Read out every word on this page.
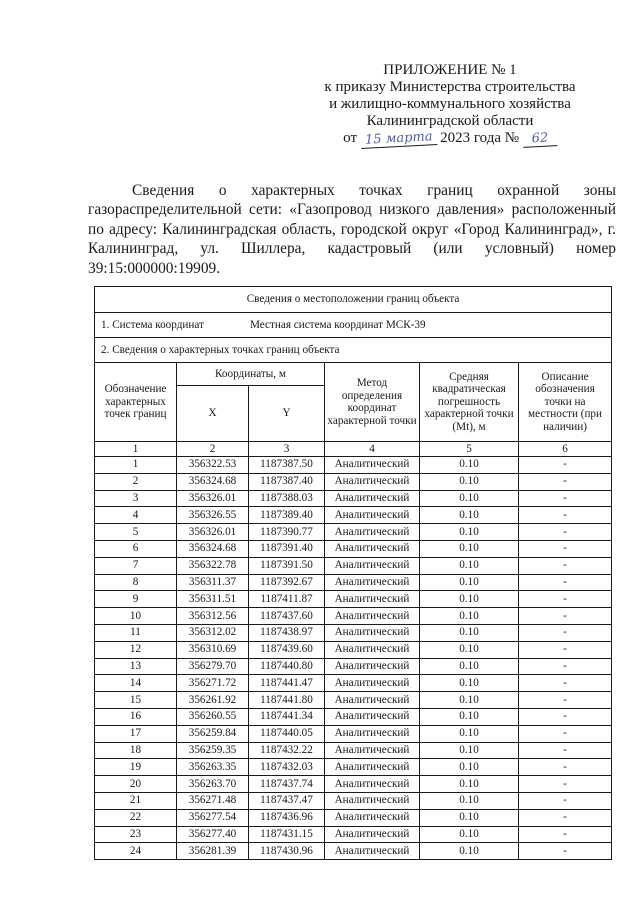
ПРИЛОЖЕНИЕ № 1
к приказу Министерства строительства
и жилищно-коммунального хозяйства
Калининградской области
от 15 марта 2023 года № 62
Сведения о характерных точках границ охранной зоны газораспределительной сети: «Газопровод низкого давления» расположенный по адресу: Калининградская область, городской округ «Город Калининград», г. Калининград, ул. Шиллера, кадастровый (или условный) номер 39:15:000000:19909.
Сведения о местоположении границ объекта					
1. Система координат Местная система координат МСК-39					
2. Сведения о характерных точках границ объекта					
Обозначение характерных точек границ	Координаты, м		Метод определения координат характерной точки	Средняя квадратическая погрешность характерной точки (Mt), м	Описание обозначения точки на местности (при наличии)
	X	Y			
1	2	3	4	5	6
1	356322.53	1187387.50	Аналитический	0.10	-
2	356324.68	1187387.40	Аналитический	0.10	-
3	356326.01	1187388.03	Аналитический	0.10	-
4	356326.55	1187389.40	Аналитический	0.10	-
5	356326.01	1187390.77	Аналитический	0.10	-
6	356324.68	1187391.40	Аналитический	0.10	-
7	356322.78	1187391.50	Аналитический	0.10	-
8	356311.37	1187392.67	Аналитический	0.10	-
9	356311.51	1187411.87	Аналитический	0.10	-
10	356312.56	1187437.60	Аналитический	0.10	-
11	356312.02	1187438.97	Аналитический	0.10	-
12	356310.69	1187439.60	Аналитический	0.10	-
13	356279.70	1187440.80	Аналитический	0.10	-
14	356271.72	1187441.47	Аналитический	0.10	-
15	356261.92	1187441.80	Аналитический	0.10	-
16	356260.55	1187441.34	Аналитический	0.10	-
17	356259.84	1187440.05	Аналитический	0.10	-
18	356259.35	1187432.22	Аналитический	0.10	-
19	356263.35	1187432.03	Аналитический	0.10	-
20	356263.70	1187437.74	Аналитический	0.10	-
21	356271.48	1187437.47	Аналитический	0.10	-
22	356277.54	1187436.96	Аналитический	0.10	-
23	356277.40	1187431.15	Аналитический	0.10	-
24	356281.39	1187430.96	Аналитический	0.10	-
